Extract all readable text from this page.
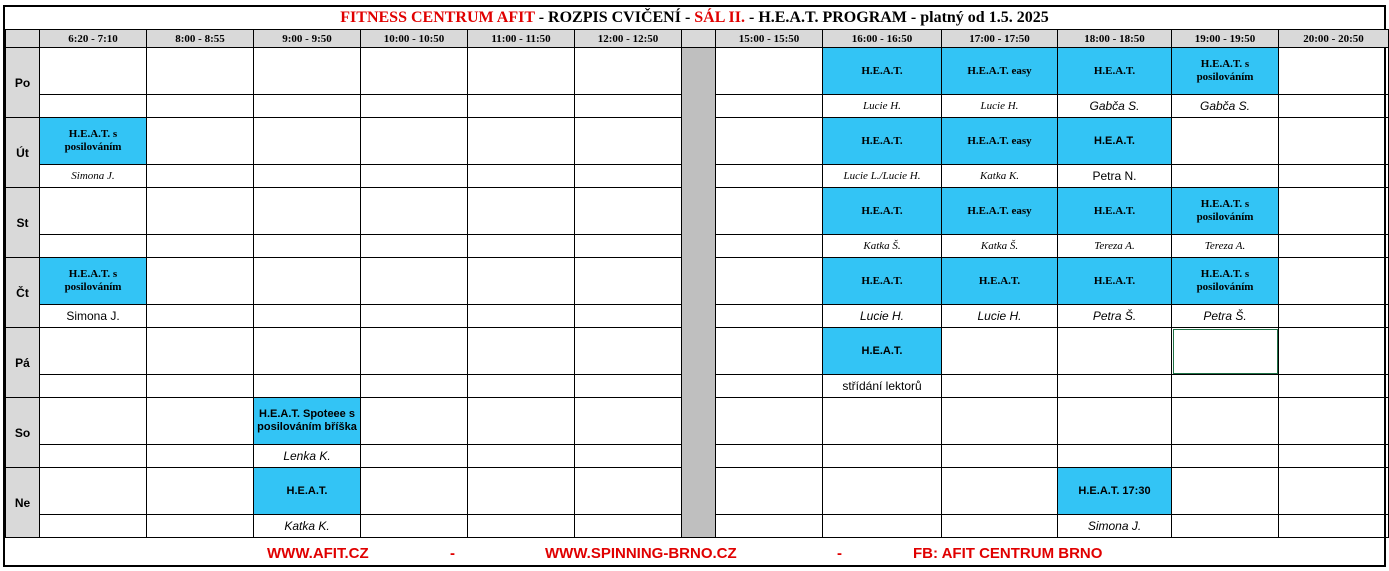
FITNESS CENTRUM AFIT - ROZPIS CVIČENÍ - SÁL II. - H.E.A.T. PROGRAM - platný od 1.5. 2025
	6:20 - 7:10	8:00 - 8:55	9:00 - 9:50	10:00 - 10:50	11:00 - 11:50	12:00 - 12:50		15:00 - 15:50	16:00 - 16:50	17:00 - 17:50	18:00 - 18:50	19:00 - 19:50	20:00 - 20:50
Po									H.E.A.T.	H.E.A.T. easy	H.E.A.T.	H.E.A.T. s posilováním	
									Lucie H.	Lucie H.	Gabča S.	Gabča S.	
Út	H.E.A.T. s posilováním								H.E.A.T.	H.E.A.T. easy	H.E.A.T.		
	Simona J.								Lucie L./Lucie H.	Katka K.	Petra N.		
St									H.E.A.T.	H.E.A.T. easy	H.E.A.T.	H.E.A.T. s posilováním	
									Katka Š.	Katka Š.	Tereza A.	Tereza A.	
Čt	H.E.A.T. s posilováním								H.E.A.T.	H.E.A.T.	H.E.A.T.	H.E.A.T. s posilováním	
	Simona J.								Lucie H.	Lucie H.	Petra Š.	Petra Š.	
Pá									H.E.A.T.				
									střídání lektorů				
So			H.E.A.T. Spoteee s posilováním bříška										
			Lenka K.										
Ne			H.E.A.T.								H.E.A.T. 17:30		
			Katka K.								Simona J.		
WWW.AFIT.CZ	-	WWW.SPINNING-BRNO.CZ	-	FB: AFIT CENTRUM BRNO
